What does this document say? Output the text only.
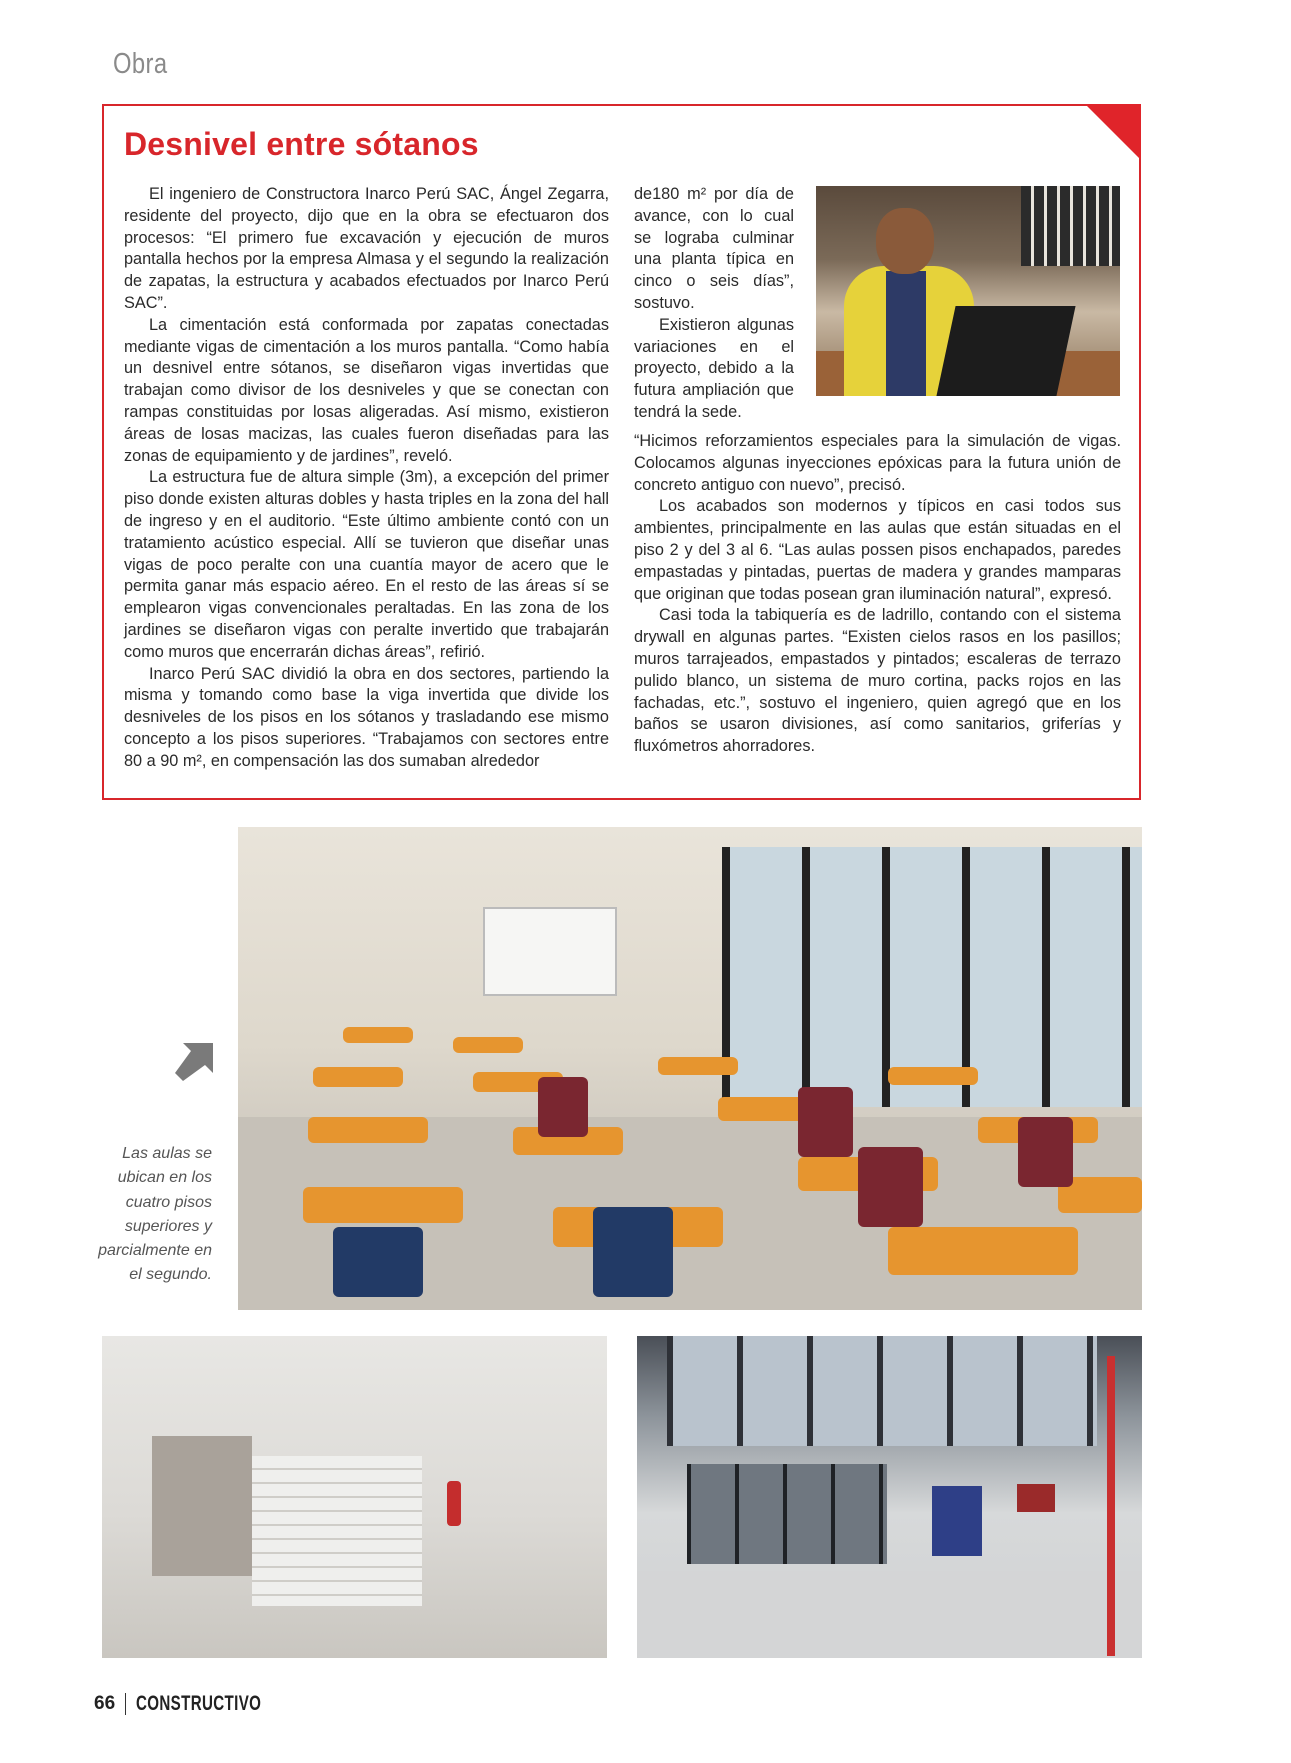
Obra
Desnivel entre sótanos

El ingeniero de Constructora Inarco Perú SAC, Ángel Zegarra, residente del proyecto, dijo que en la obra se efectuaron dos procesos: “El primero fue excavación y ejecución de muros pantalla hechos por la empresa Almasa y el segundo la realización de zapatas, la estructura y acabados efectuados por Inarco Perú SAC”.

La cimentación está conformada por zapatas conectadas mediante vigas de cimentación a los muros pantalla. “Como había un desnivel entre sótanos, se diseñaron vigas invertidas que trabajan como divisor de los desniveles y que se conectan con rampas constituidas por losas aligeradas. Así mismo, existieron áreas de losas macizas, las cuales fueron diseñadas para las zonas de equipamiento y de jardines”, reveló.

La estructura fue de altura simple (3m), a excepción del primer piso donde existen alturas dobles y hasta triples en la zona del hall de ingreso y en el auditorio. “Este último ambiente contó con un tratamiento acústico especial. Allí se tuvieron que diseñar unas vigas de poco peralte con una cuantía mayor de acero que le permita ganar más espacio aéreo. En el resto de las áreas sí se emplearon vigas convencionales peraltadas. En las zona de los jardines se diseñaron vigas con peralte invertido que trabajarán como muros que encerrarán dichas áreas”, refirió.

Inarco Perú SAC dividió la obra en dos sectores, partiendo la misma y tomando como base la viga invertida que divide los desniveles de los pisos en los sótanos y trasladando ese mismo concepto a los pisos superiores. “Trabajamos con sectores entre 80 a 90 m², en compensación las dos sumaban alrededor

de180 m² por día de avance, con lo cual se lograba culminar una planta típica en cinco o seis días”, sostuvo.

Existieron algunas variaciones en el proyecto, debido a la futura ampliación que tendrá la sede.

“Hicimos reforzamientos especiales para la simulación de vigas. Colocamos algunas inyecciones epóxicas para la futura unión de concreto antiguo con nuevo”, precisó.

Los acabados son modernos y típicos en casi todos sus ambientes, principalmente en las aulas que están situadas en el piso 2 y del 3 al 6. “Las aulas possen pisos enchapados, paredes empastadas y pintadas, puertas de madera y grandes mamparas que originan que todas posean gran iluminación natural”, expresó.

Casi toda la tabiquería es de ladrillo, contando con el sistema drywall en algunas partes. “Existen cielos rasos en los pasillos; muros tarrajeados, empastados y pintados; escaleras de terrazo pulido blanco, un sistema de muro cortina, packs rojos en las fachadas, etc.”, sostuvo el ingeniero, quien agregó que en los baños se usaron divisiones, así como sanitarios, griferías y fluxómetros ahorradores.

Las aulas se ubican en los cuatro pisos superiores y parcialmente en el segundo.
66 CONSTRUCTIVO
